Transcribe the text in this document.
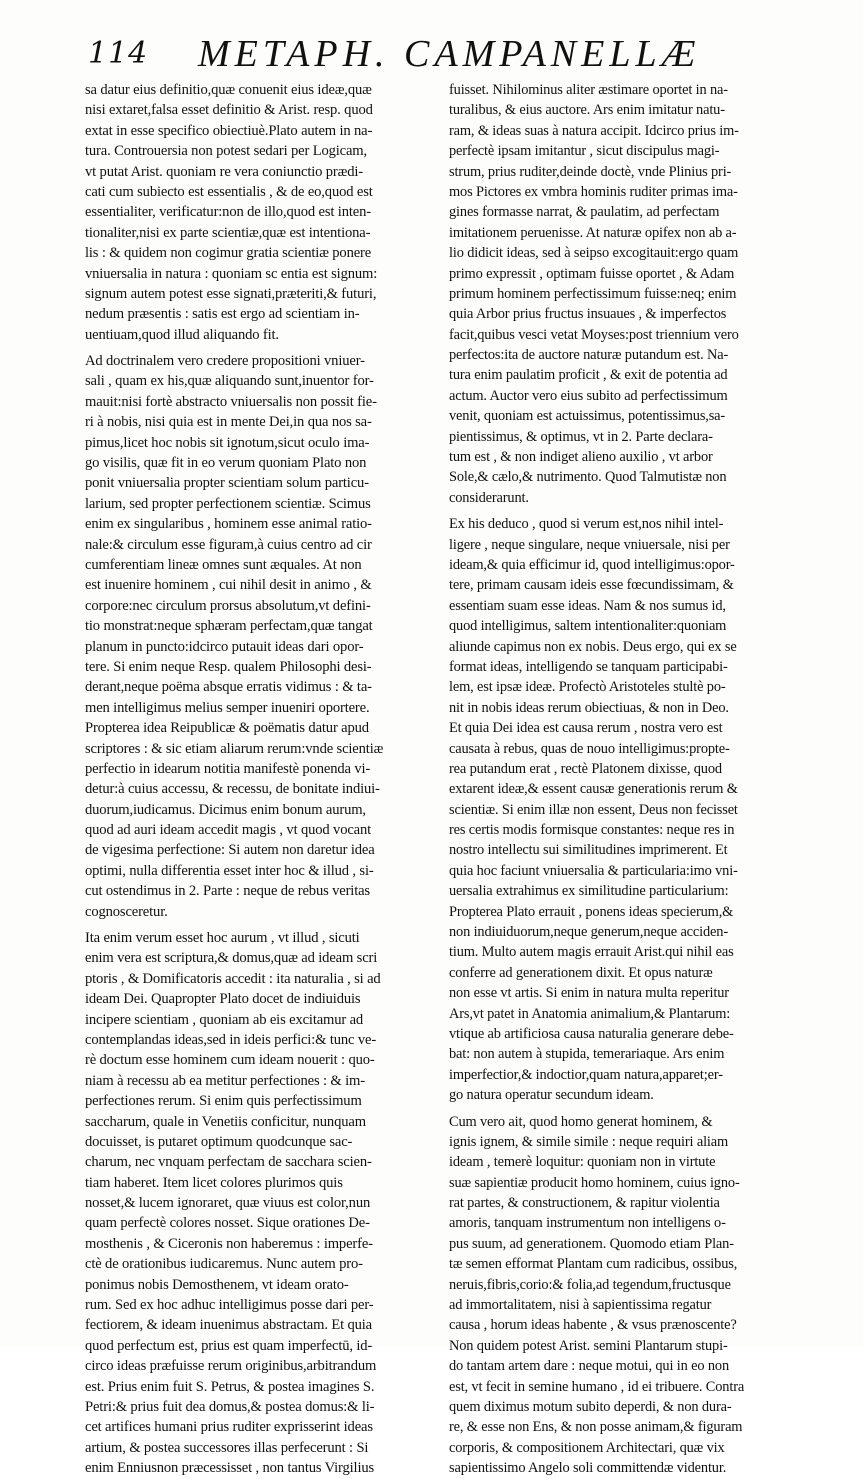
114 METAPH. CAMPANELLÆ
sa datur eius definitio,quæ conuenit eius ideæ,quæ
nisi extaret,falsa esset definitio & Arist. resp. quod
extat in esse specifico obiectiuè.Plato autem in na-
tura. Controuersia non potest sedari per Logicam,
vt putat Arist. quoniam re vera coniunctio prædi-
cati cum subiecto est essentialis , & de eo,quod est
essentialiter, verificatur:non de illo,quod est inten-
tionaliter,nisi ex parte scientiæ,quæ est intentiona-
lis : & quidem non cogimur gratia scientiæ ponere
vniuersalia in natura : quoniam sc entia est signum:
signum autem potest esse signati,præteriti,& futuri,
nedum præsentis : satis est ergo ad scientiam in-
uentiuam,quod illud aliquando fit.
Ad doctrinalem vero credere propositioni vniuer-
sali , quam ex his,quæ aliquando sunt,inuentor for-
mauit:nisi fortè abstracto vniuersalis non possit fie-
ri à nobis, nisi quia est in mente Dei,in qua nos sa-
pimus,licet hoc nobis sit ignotum,sicut oculo ima-
go visilis, quæ fit in eo verum quoniam Plato non
ponit vniuersalia propter scientiam solum particu-
larium, sed propter perfectionem scientiæ. Scimus
enim ex singularibus , hominem esse animal ratio-
nale:& circulum esse figuram,à cuius centro ad cir
cumferentiam lineæ omnes sunt æquales. At non
est inuenire hominem , cui nihil desit in animo , &
corpore:nec circulum prorsus absolutum,vt defini-
tio monstrat:neque sphæram perfectam,quæ tangat
planum in puncto:idcirco putauit ideas dari opor-
tere. Si enim neque Resp. qualem Philosophi desi-
derant,neque poëma absque erratis vidimus : & ta-
men intelligimus melius semper inueniri oportere.
Propterea idea Reipublicæ & poëmatis datur apud
scriptores : & sic etiam aliarum rerum:vnde scientiæ
perfectio in idearum notitia manifestè ponenda vi-
detur:à cuius accessu, & recessu, de bonitate indiui-
duorum,iudicamus. Dicimus enim bonum aurum,
quod ad auri ideam accedit magis , vt quod vocant
de vigesima perfectione: Si autem non daretur idea
optimi, nulla differentia esset inter hoc & illud , si-
cut ostendimus in 2. Parte : neque de rebus veritas
cognosceretur.
Ita enim verum esset hoc aurum , vt illud , sicuti
enim vera est scriptura,& domus,quæ ad ideam scri
ptoris , & Domificatoris accedit : ita naturalia , si ad
ideam Dei. Quapropter Plato docet de indiuiduis
incipere scientiam , quoniam ab eis excitamur ad
contemplandas ideas,sed in ideis perfici:& tunc ve-
rè doctum esse hominem cum ideam nouerit : quo-
niam à recessu ab ea metitur perfectiones : & im-
perfectiones rerum. Si enim quis perfectissimum
saccharum, quale in Venetiis conficitur, nunquam
docuisset, is putaret optimum quodcunque sac-
charum, nec vnquam perfectam de sacchara scien-
tiam haberet. Item licet colores plurimos quis
nosset,& lucem ignoraret, quæ viuus est color,nun
quam perfectè colores nosset. Sique orationes De-
mosthenis , & Ciceronis non haberemus : imperfe-
ctè de orationibus iudicaremus. Nunc autem pro-
ponimus nobis Demosthenem, vt ideam orato-
rum. Sed ex hoc adhuc intelligimus posse dari per-
fectiorem, & ideam inuenimus abstractam. Et quia
quod perfectum est, prius est quam imperfectū, id-
circo ideas præfuisse rerum originibus,arbitrandum
est. Prius enim fuit S. Petrus, & postea imagines S.
Petri:& prius fuit dea domus,& postea domus:& li-
cet artifices humani prius ruditer exprisserint ideas
artium, & postea successores illas perfecerunt : Si
enim Enniusnon præcessisset , non tantus Virgilius
fuisset. Nihilominus aliter æstimare oportet in na-
turalibus, & eius auctore. Ars enim imitatur natu-
ram, & ideas suas à natura accipit. Idcirco prius im-
perfectè ipsam imitantur , sicut discipulus magi-
strum, prius ruditer,deinde doctè, vnde Plinius pri-
mos Pictores ex vmbra hominis ruditer primas ima-
gines formasse narrat, & paulatim, ad perfectam
imitationem peruenisse. At naturæ opifex non ab a-
lio didicit ideas, sed à seipso excogitauit:ergo quam
primo expressit , optimam fuisse oportet , & Adam
primum hominem perfectissimum fuisse:neq; enim
quia Arbor prius fructus insuaues , & imperfectos
facit,quibus vesci vetat Moyses:post triennium vero
perfectos:ita de auctore naturæ putandum est. Na-
tura enim paulatim proficit , & exit de potentia ad
actum. Auctor vero eius subito ad perfectissimum
venit, quoniam est actuissimus, potentissimus,sa-
pientissimus, & optimus, vt in 2. Parte declara-
tum est , & non indiget alieno auxilio , vt arbor
Sole,& cælo,& nutrimento. Quod Talmutistæ non
considerarunt.
Ex his deduco , quod si verum est,nos nihil intel-
ligere , neque singulare, neque vniuersale, nisi per
ideam,& quia efficimur id, quod intelligimus:opor-
tere, primam causam ideis esse fœcundissimam, &
essentiam suam esse ideas. Nam & nos sumus id,
quod intelligimus, saltem intentionaliter:quoniam
aliunde capimus non ex nobis. Deus ergo, qui ex se
format ideas, intelligendo se tanquam participabi-
lem, est ipsæ ideæ. Profectò Aristoteles stultè po-
nit in nobis ideas rerum obiectiuas, & non in Deo.
Et quia Dei idea est causa rerum , nostra vero est
causata à rebus, quas de nouo intelligimus:propte-
rea putandum erat , rectè Platonem dixisse, quod
extarent ideæ,& essent causæ generationis rerum &
scientiæ. Si enim illæ non essent, Deus non fecisset
res certis modis formisque constantes: neque res in
nostro intellectu sui similitudines imprimerent. Et
quia hoc faciunt vniuersalia & particularia:imo vni-
uersalia extrahimus ex similitudine particularium:
Propterea Plato errauit , ponens ideas specierum,&
non indiuiduorum,neque generum,neque acciden-
tium. Multo autem magis errauit Arist.qui nihil eas
conferre ad generationem dixit. Et opus naturæ
non esse vt artis. Si enim in natura multa reperitur
Ars,vt patet in Anatomia animalium,& Plantarum:
vtique ab artificiosa causa naturalia generare debe-
bat: non autem à stupida, temerariaque. Ars enim
imperfectior,& indoctior,quam natura,apparet;er-
go natura operatur secundum ideam.
Cum vero ait, quod homo generat hominem, &
ignis ignem, & simile simile : neque requiri aliam
ideam , temerè loquitur: quoniam non in virtute
suæ sapientiæ producit homo hominem, cuius igno-
rat partes, & constructionem, & rapitur violentia
amoris, tanquam instrumentum non intelligens o-
pus suum, ad generationem. Quomodo etiam Plan-
tæ semen efformat Plantam cum radicibus, ossibus,
neruis,fibris,corio:& folia,ad tegendum,fructusque
ad immortalitatem, nisi à sapientissima regatur
causa , horum ideas habente , & vsus prænoscente?
Non quidem potest Arist. semini Plantarum stupi-
do tantam artem dare : neque motui, qui in eo non
est, vt fecit in semine humano , id ei tribuere. Contra
quem diximus motum subito deperdi, & non dura-
re, & esse non Ens, & non posse animam,& figuram
corporis, & compositionem Architectari, quæ vix
sapientissimo Angelo soli committendæ videntur.
